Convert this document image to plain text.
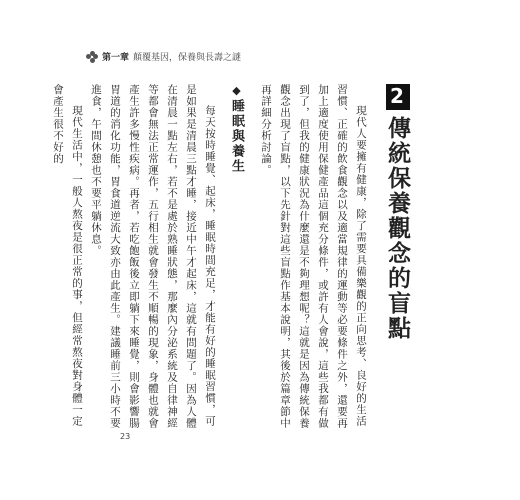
第一章 顛覆基因，保養與長壽之謎
2傳統保養觀念的盲點

現代人要擁有健康，除了需要具備樂觀的正向思考、良好的生活習慣、正確的飲食觀念以及適當規律的運動等必要條件之外，還要再加上適度使用保健產品這個充分條件，或許有人會說，這些我都有做到了，但我的健康狀況為什麼還是不夠理想呢？這就是因為傳統保養觀念出現了盲點，以下先針對這些盲點作基本說明，其後於篇章節中再詳細分析討論。

◆睡眠與養生

每天按時睡覺、起床，睡眠時間充足，才能有好的睡眠習慣，可是如果是清晨三點才睡，接近中午才起床，這就有問題了。因為人體在清晨一點左右，若不是處於熟睡狀態，那麼內分泌系統及自律神經等都會無法正常運作，五行相生就會發生不順暢的現象，身體也就會產生許多慢性疾病。再者，若吃飽飯後立即躺下來睡覺，則會影響腸胃道的消化功能，胃食道逆流大致亦由此產生。建議睡前三小時不要進食，午間休憩也不要平躺休息。

現代生活中，一般人熬夜是很正常的事，但經常熬夜對身體一定會產生很不好的

23
